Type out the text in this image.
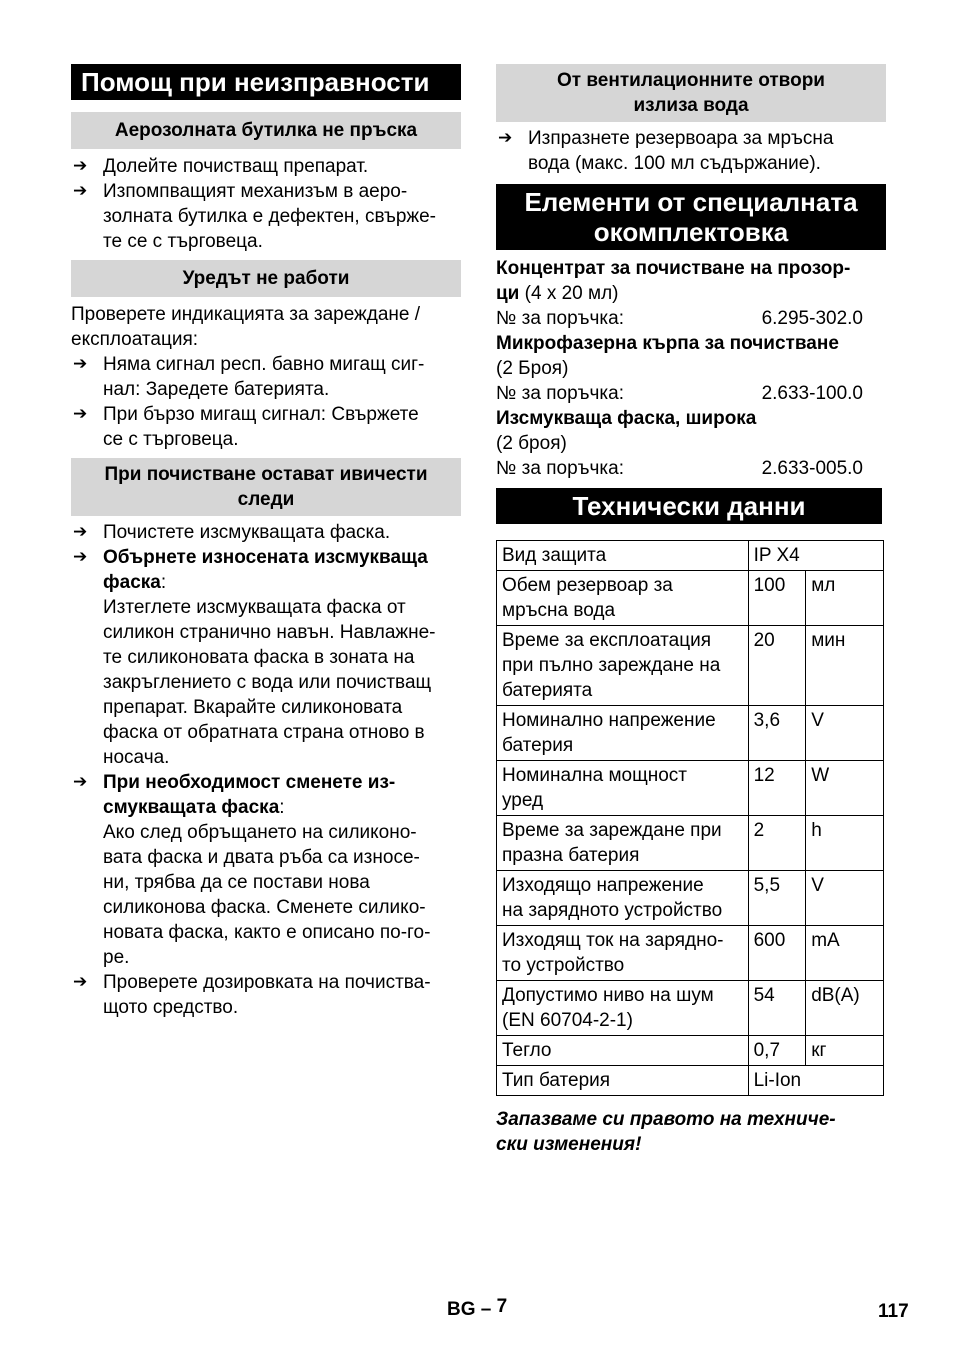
Помощ при неизправности
Аерозолната бутилка не пръска
➔ Долейте почистващ препарат.
➔ Изпомпващият механизъм в аеро-
золната бутилка е дефектен, свърже-
те се с търговеца.
Уредът не работи
Проверете индикацията за зареждане /
експлоатация:
➔ Няма сигнал респ. бавно мигащ сиг-
нал: Заредете батерията.
➔ При бързо мигащ сигнал: Свържете
се с търговеца.
При почистване остават ивичести
следи
➔ Почистете изсмукващата фаска.
➔ Обърнете износената изсмукваща
фаска:
Изтеглете изсмукващата фаска от
силикон странично навън. Навлажне-
те силиконовата фаска в зоната на
закръглението с вода или почистващ
препарат. Вкарайте силиконовата
фаска от обратната страна отново в
носача.
➔ При необходимост сменете из-
смукващата фаска:
Ако след обръщането на силиконо-
вата фаска и двата ръба са износе-
ни, трябва да се постави нова
силиконова фаска. Сменете силико-
новата фаска, както е описано по-го-
ре.
➔ Проверете дозировката на почиства-
щото средство.
От вентилационните отвори
излиза вода
➔ Изпразнете резервоара за мръсна
вода (макс. 100 мл съдържание).
Елементи от специалната
окомплектовка
Концентрат за почистване на прозор-
ци (4 x 20 мл)
№ за поръчка:	6.295-302.0
Микрофазерна кърпа за почистване
(2 Броя)
№ за поръчка:	2.633-100.0
Изсмукваща фаска, широка
(2 броя)
№ за поръчка:	2.633-005.0
Технически данни
Вид защита	IP X4	
Обем резервоар за
мръсна вода	100	мл
Време за експлоатация
при пълно зареждане на
батерията	20	мин
Номинално напрежение
батерия	3,6	V
Номинална мощност
уред	12	W
Време за зареждане при
празна батерия	2	h
Изходящо напрежение
на зарядното устройство	5,5	V
Изходящ ток на зарядно-
то устройство	600	mA
Допустимо ниво на шум
(EN 60704-2-1)	54	dB(A)
Тегло	0,7	кг
Тип батерия	Li-Ion	
Запазваме си правото на техниче-
ски изменения!
BG – 7	117
